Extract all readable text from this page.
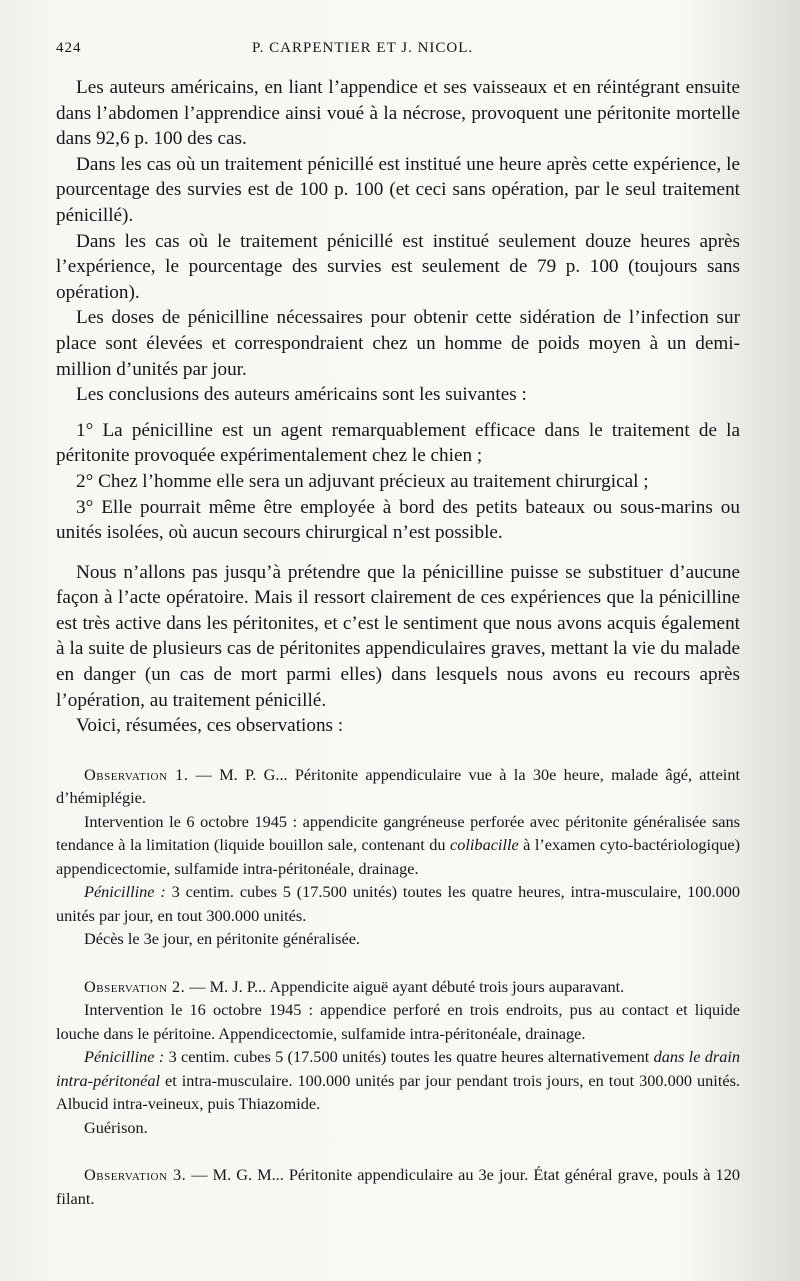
424	P. CARPENTIER ET J. NICOL.

Les auteurs américains, en liant l’appendice et ses vaisseaux et en réintégrant ensuite dans l’abdomen l’apprendice ainsi voué à la nécrose, provoquent une péritonite mortelle dans 92,6 p. 100 des cas.

Dans les cas où un traitement pénicillé est institué une heure après cette expérience, le pourcentage des survies est de 100 p. 100 (et ceci sans opération, par le seul traitement pénicillé).

Dans les cas où le traitement pénicillé est institué seulement douze heures après l’expérience, le pourcentage des survies est seulement de 79 p. 100 (toujours sans opération).

Les doses de pénicilline nécessaires pour obtenir cette sidération de l’infection sur place sont élevées et correspondraient chez un homme de poids moyen à un demi-million d’unités par jour.

Les conclusions des auteurs américains sont les suivantes :

1° La pénicilline est un agent remarquablement efficace dans le traitement de la péritonite provoquée expérimentalement chez le chien ;

2° Chez l’homme elle sera un adjuvant précieux au traitement chirurgical ;

3° Elle pourrait même être employée à bord des petits bateaux ou sous-marins ou unités isolées, où aucun secours chirurgical n’est possible.

Nous n’allons pas jusqu’à prétendre que la pénicilline puisse se substituer d’aucune façon à l’acte opératoire. Mais il ressort clairement de ces expériences que la pénicilline est très active dans les péritonites, et c’est le sentiment que nous avons acquis également à la suite de plusieurs cas de péritonites appendiculaires graves, mettant la vie du malade en danger (un cas de mort parmi elles) dans lesquels nous avons eu recours après l’opération, au traitement pénicillé.

Voici, résumées, ces observations :

Observation 1. — M. P. G... Péritonite appendiculaire vue à la 30e heure, malade âgé, atteint d’hémiplégie.

Intervention le 6 octobre 1945 : appendicite gangréneuse perforée avec péritonite généralisée sans tendance à la limitation (liquide bouillon sale, contenant du colibacille à l’examen cyto-bactériologique) appendicectomie, sulfamide intra-péritonéale, drainage.

Pénicilline : 3 centim. cubes 5 (17.500 unités) toutes les quatre heures, intra-musculaire, 100.000 unités par jour, en tout 300.000 unités.

Décès le 3e jour, en péritonite généralisée.

Observation 2. — M. J. P... Appendicite aiguë ayant débuté trois jours auparavant.

Intervention le 16 octobre 1945 : appendice perforé en trois endroits, pus au contact et liquide louche dans le péritoine. Appendicectomie, sulfamide intra-péritonéale, drainage.

Pénicilline : 3 centim. cubes 5 (17.500 unités) toutes les quatre heures alternativement dans le drain intra-péritonéal et intra-musculaire. 100.000 unités par jour pendant trois jours, en tout 300.000 unités. Albucid intra-veineux, puis Thiazomide.

Guérison.

Observation 3. — M. G. M... Péritonite appendiculaire au 3e jour. État général grave, pouls à 120 filant.
